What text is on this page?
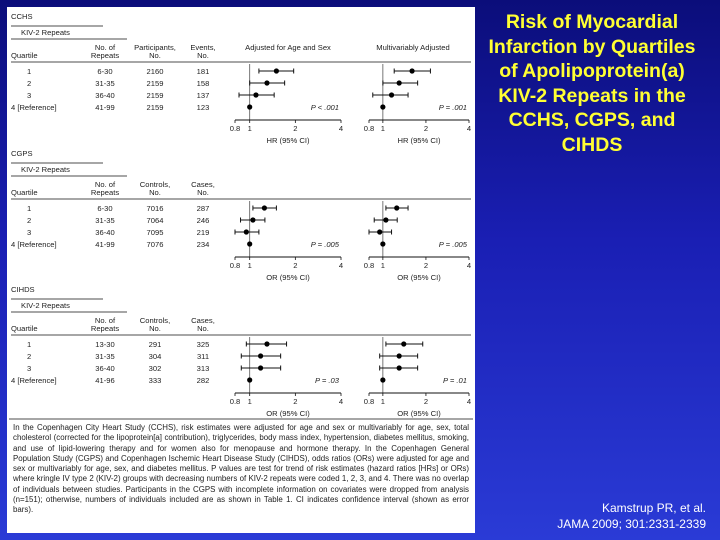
CCHS
KIV-2 Repeats
No. of
Repeats
Quartile
Participants,
No.
Events,
No.
Adjusted for Age and Sex	Multivariably Adjusted
1	6-30	2160	181
2	31-35	2159	158
3	36-40	2159	137
4 [Reference]	41-99	2159	123
0.8 1	2	4
HR (95% CI)
P < .001
0.8 1	2	4
HR (95% CI)
P = .001
CGPS
KIV-2 Repeats
No. of
Repeats
Quartile
Controls,
No.
Cases,
No.
1	6-30	7016	287
2	31-35	7064	246
3	36-40	7095	219
4 [Reference]	41-99	7076	234
0.8 1	2	4
OR (95% CI)
P = .005
0.8 1	2	4
OR (95% CI)
P = .005
CIHDS
KIV-2 Repeats
No. of
Repeats
Quartile
Controls,
No.
Cases,
No.
1	13-30	291	325
2	31-35	304	311
3	36-40	302	313
4 [Reference]	41-96	333	282
0.8 1	2	4
OR (95% CI)
P = .03
0.8 1	2	4
OR (95% CI)
P = .01
In the Copenhagen City Heart Study (CCHS), risk estimates were adjusted for age and sex or multivariably for age, sex, total cholesterol (corrected for the lipoprotein[a] contribution), triglycerides, body mass index, hypertension, diabetes mellitus, smoking, and use of lipid-lowering therapy and for women also for menopause and hormone therapy. In the Copenhagen General Population Study (CGPS) and Copenhagen Ischemic Heart Disease Study (CIHDS), odds ratios (ORs) were adjusted for age and sex or multivariably for age, sex, and diabetes mellitus. P values are test for trend of risk estimates (hazard ratios [HRs] or ORs) where kringle IV type 2 (KIV-2) groups with decreasing numbers of KIV-2 repeats were coded 1, 2, 3, and 4. There was no overlap of individuals between studies. Participants in the CGPS with incomplete information on covariates were dropped from analysis (n=151); otherwise, numbers of individuals included are as shown in Table 1. CI indicates confidence interval (shown as error bars).
Risk of Myocardial Infarction by Quartiles of Apolipoprotein(a) KIV-2 Repeats in the CCHS, CGPS, and CIHDS
Kamstrup PR, et al.
JAMA 2009; 301:2331-2339
